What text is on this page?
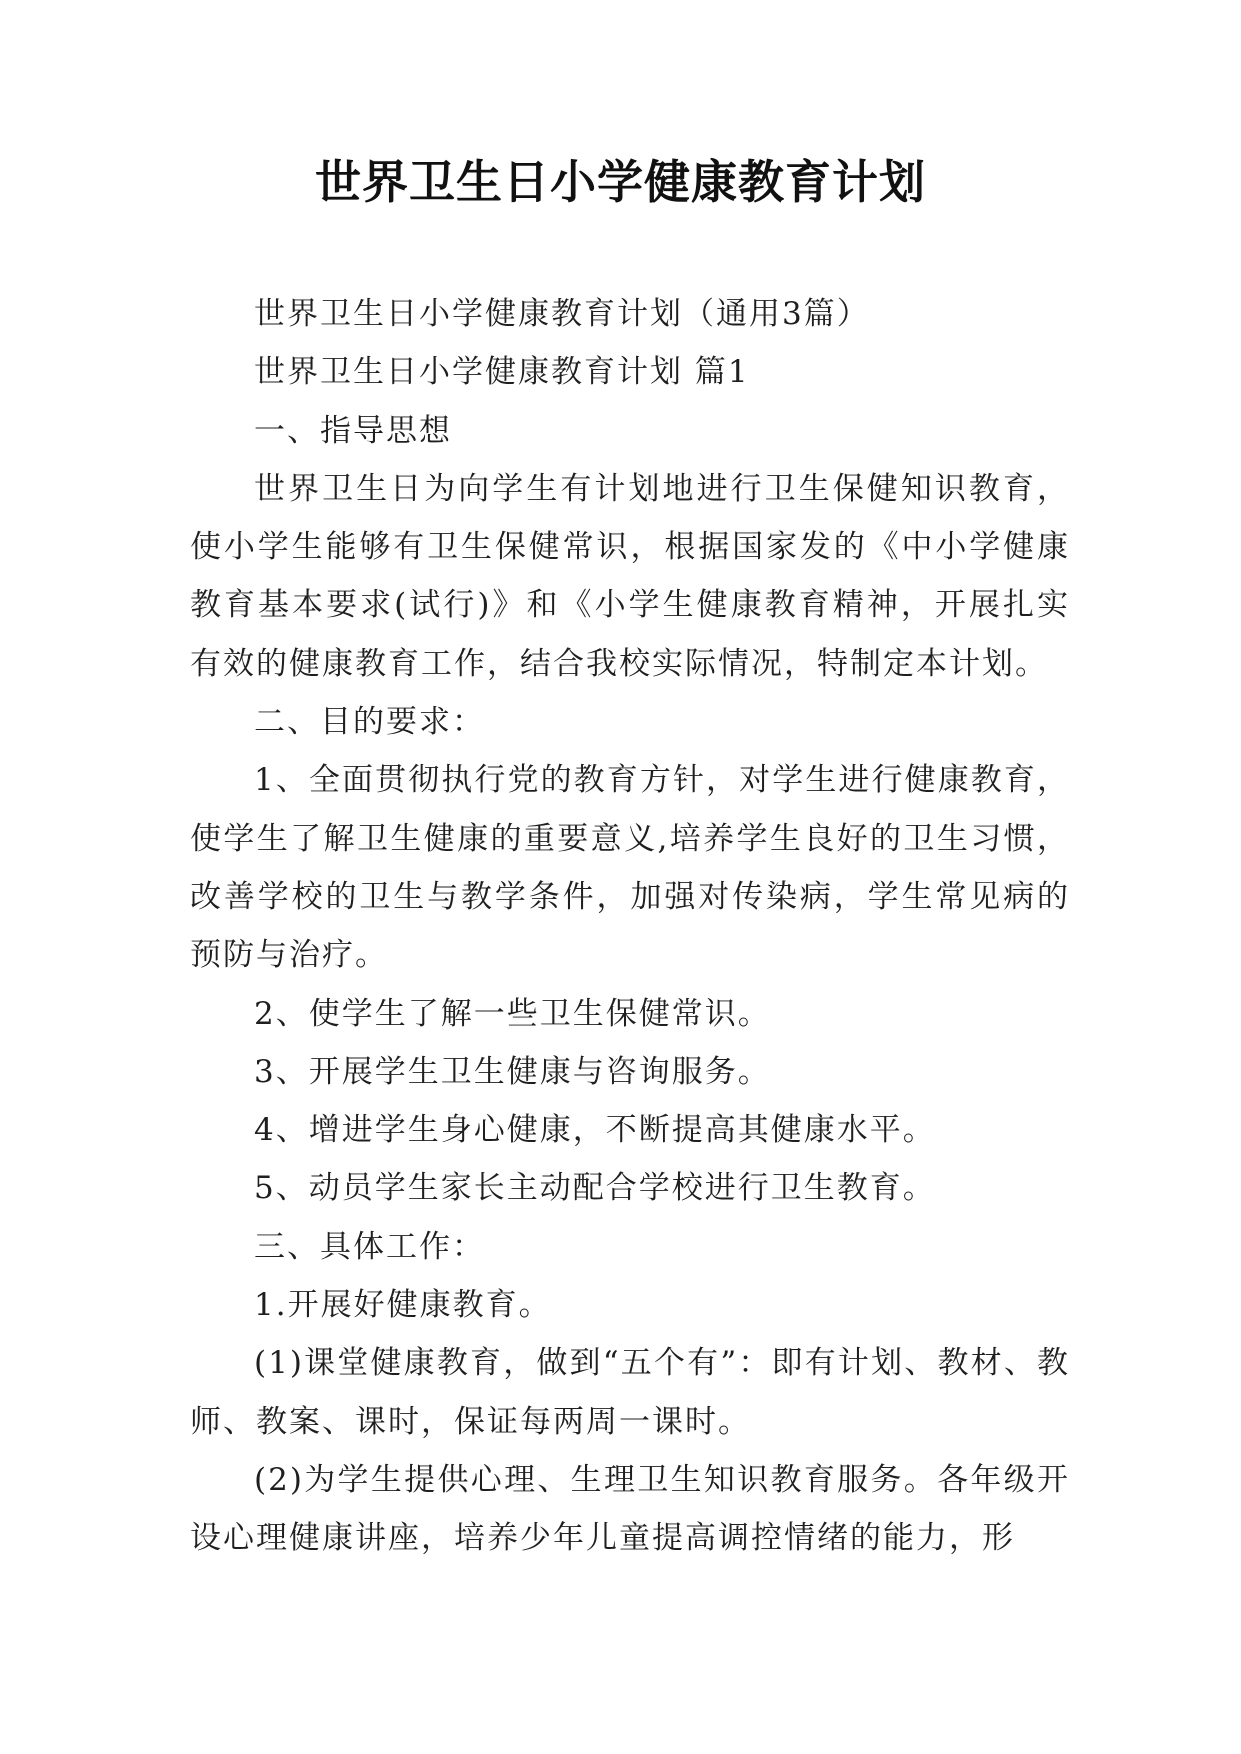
世界卫生日小学健康教育计划

世界卫生日小学健康教育计划（通用3篇）

世界卫生日小学健康教育计划 篇1

一、指导思想

世界卫生日为向学生有计划地进行卫生保健知识教育，使小学生能够有卫生保健常识，根据国家发的《中小学健康教育基本要求(试行)》和《小学生健康教育精神，开展扎实有效的健康教育工作，结合我校实际情况，特制定本计划。

二、目的要求：

1、全面贯彻执行党的教育方针，对学生进行健康教育，使学生了解卫生健康的重要意义,培养学生良好的卫生习惯，改善学校的卫生与教学条件，加强对传染病，学生常见病的预防与治疗。

2、使学生了解一些卫生保健常识。

3、开展学生卫生健康与咨询服务。

4、增进学生身心健康，不断提高其健康水平。

5、动员学生家长主动配合学校进行卫生教育。

三、具体工作：

1.开展好健康教育。

(1)课堂健康教育，做到“五个有”：即有计划、教材、教师、教案、课时，保证每两周一课时。

(2)为学生提供心理、生理卫生知识教育服务。各年级开设心理健康讲座，培养少年儿童提高调控情绪的能力，形
